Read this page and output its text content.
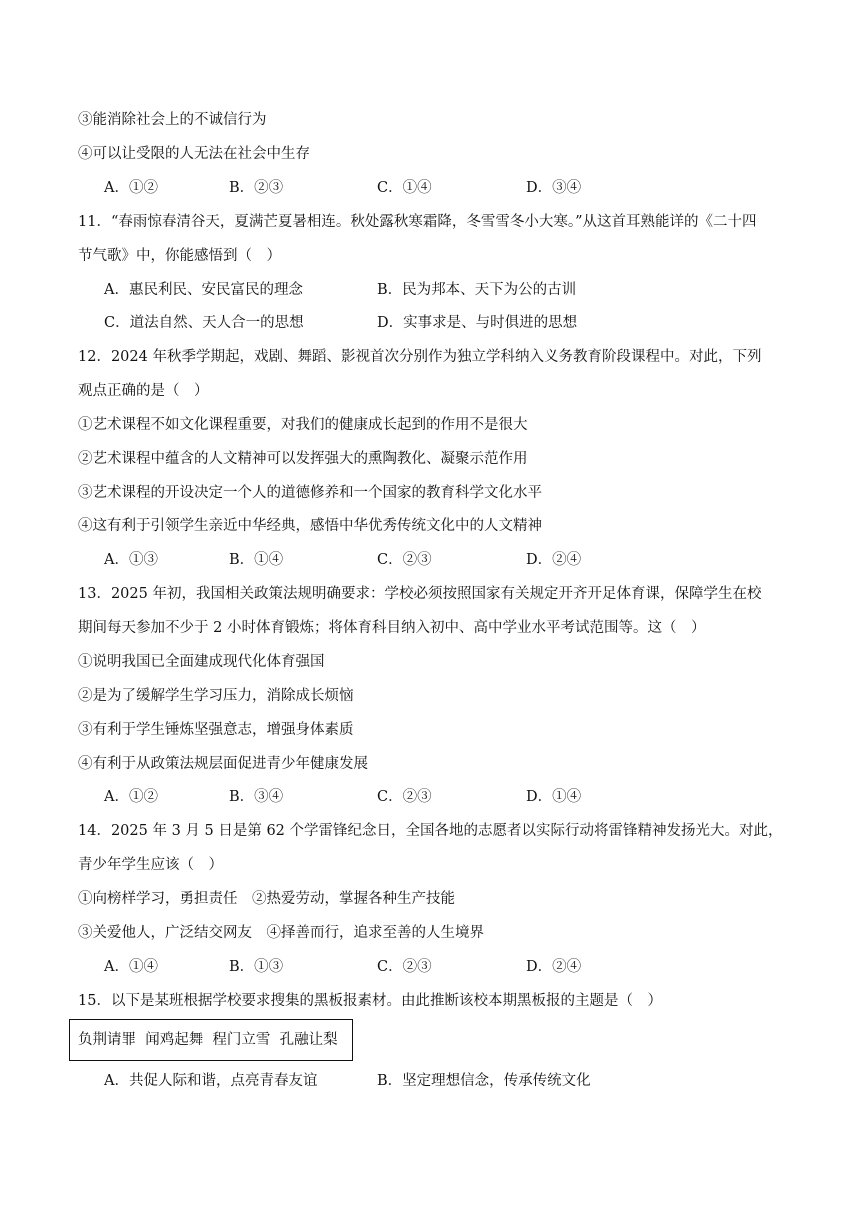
③能消除社会上的不诚信行为
④可以让受限的人无法在社会中生存
A．①②	B．②③	C．①④	D．③④
11．“春雨惊春清谷天，夏满芒夏暑相连。秋处露秋寒霜降，冬雪雪冬小大寒。”从这首耳熟能详的《二十四
节气歌》中，你能感悟到（　）
A．惠民利民、安民富民的理念	B．民为邦本、天下为公的古训
C．道法自然、天人合一的思想	D．实事求是、与时俱进的思想
12．2024 年秋季学期起，戏剧、舞蹈、影视首次分别作为独立学科纳入义务教育阶段课程中。对此，下列
观点正确的是（　）
①艺术课程不如文化课程重要，对我们的健康成长起到的作用不是很大
②艺术课程中蕴含的人文精神可以发挥强大的熏陶教化、凝聚示范作用
③艺术课程的开设决定一个人的道德修养和一个国家的教育科学文化水平
④这有利于引领学生亲近中华经典，感悟中华优秀传统文化中的人文精神
A．①③	B．①④	C．②③	D．②④
13．2025 年初，我国相关政策法规明确要求：学校必须按照国家有关规定开齐开足体育课，保障学生在校
期间每天参加不少于 2 小时体育锻炼；将体育科目纳入初中、高中学业水平考试范围等。这（　）
①说明我国已全面建成现代化体育强国
②是为了缓解学生学习压力，消除成长烦恼
③有利于学生锤炼坚强意志，增强身体素质
④有利于从政策法规层面促进青少年健康发展
A．①②	B．③④	C．②③	D．①④
14．2025 年 3 月 5 日是第 62 个学雷锋纪念日，全国各地的志愿者以实际行动将雷锋精神发扬光大。对此，
青少年学生应该（　）
①向榜样学习，勇担责任　②热爱劳动，掌握各种生产技能
③关爱他人，广泛结交网友　④择善而行，追求至善的人生境界
A．①④	B．①③	C．②③	D．②④
15．以下是某班根据学校要求搜集的黑板报素材。由此推断该校本期黑板报的主题是（　）
负荆请罪  闻鸡起舞  程门立雪  孔融让梨
A．共促人际和谐，点亮青春友谊	B．坚定理想信念，传承传统文化
